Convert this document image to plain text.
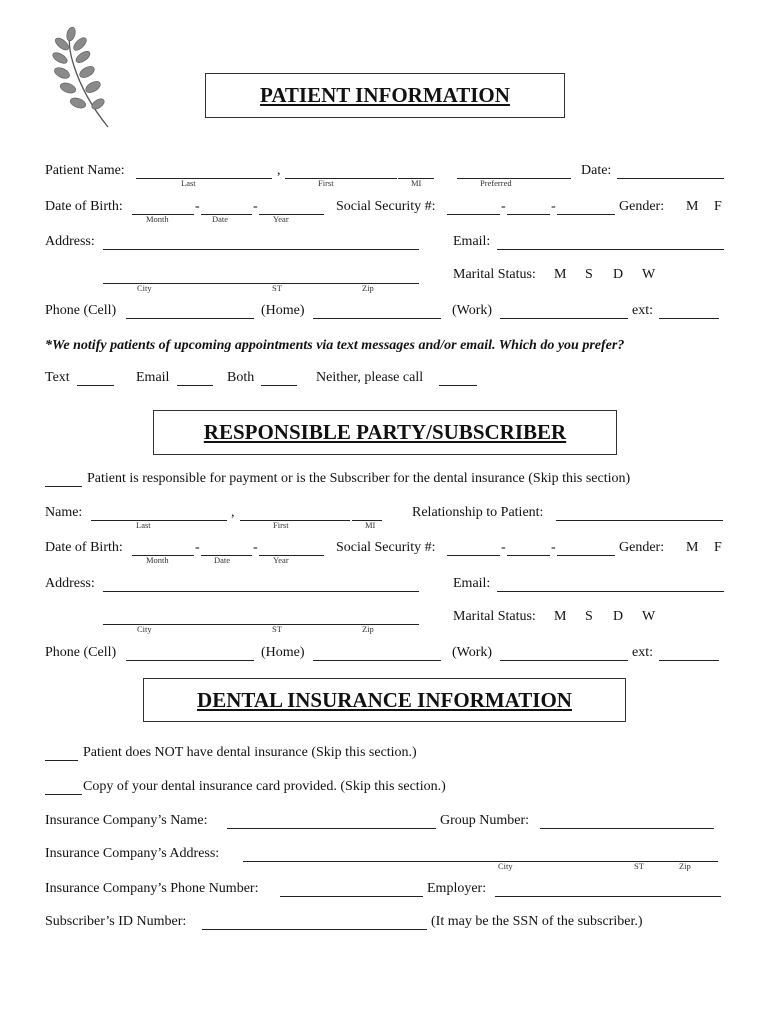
PATIENT INFORMATION
Patient Name:	,
Last	First	MI	Preferred
Date:
Date of Birth:	-	-
Month	Date	Year
Social Security #:	-	-	Gender: M F
Address:	Email:
City	ST	Zip
Marital Status: M S D W
Phone (Cell)	(Home)	(Work)	ext:
*We notify patients of upcoming appointments via text messages and/or email. Which do you prefer?
Text	Email	Both	Neither, please call
RESPONSIBLE PARTY/SUBSCRIBER
Patient is responsible for payment or is the Subscriber for the dental insurance (Skip this section)
Name:	,
Last	First	MI
Relationship to Patient:
Date of Birth:	-	-
Month	Date	Year
Social Security #:	-	-	Gender: M F
Address:	Email:
City	ST	Zip
Marital Status: M S D W
Phone (Cell)	(Home)	(Work)	ext:
DENTAL INSURANCE INFORMATION
Patient does NOT have dental insurance (Skip this section.)
Copy of your dental insurance card provided. (Skip this section.)
Insurance Company’s Name:	Group Number:
Insurance Company’s Address:
City	ST	Zip
Insurance Company’s Phone Number:	Employer:
Subscriber’s ID Number:	(It may be the SSN of the subscriber.)
